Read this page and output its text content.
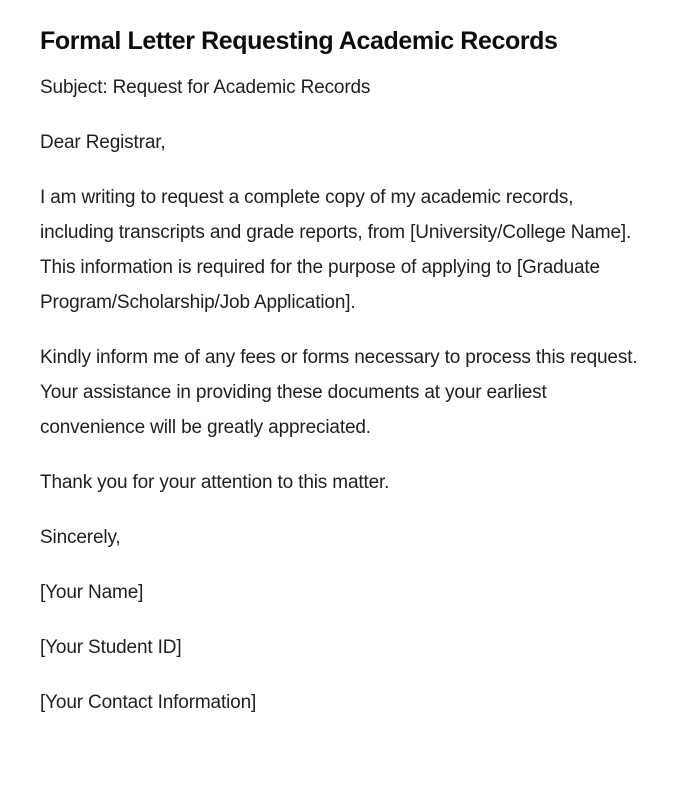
Formal Letter Requesting Academic Records

Subject: Request for Academic Records

Dear Registrar,

I am writing to request a complete copy of my academic records, including transcripts and grade reports, from [University/College Name]. This information is required for the purpose of applying to [Graduate Program/Scholarship/Job Application].

Kindly inform me of any fees or forms necessary to process this request. Your assistance in providing these documents at your earliest convenience will be greatly appreciated.

Thank you for your attention to this matter.

Sincerely,

[Your Name]

[Your Student ID]

[Your Contact Information]
